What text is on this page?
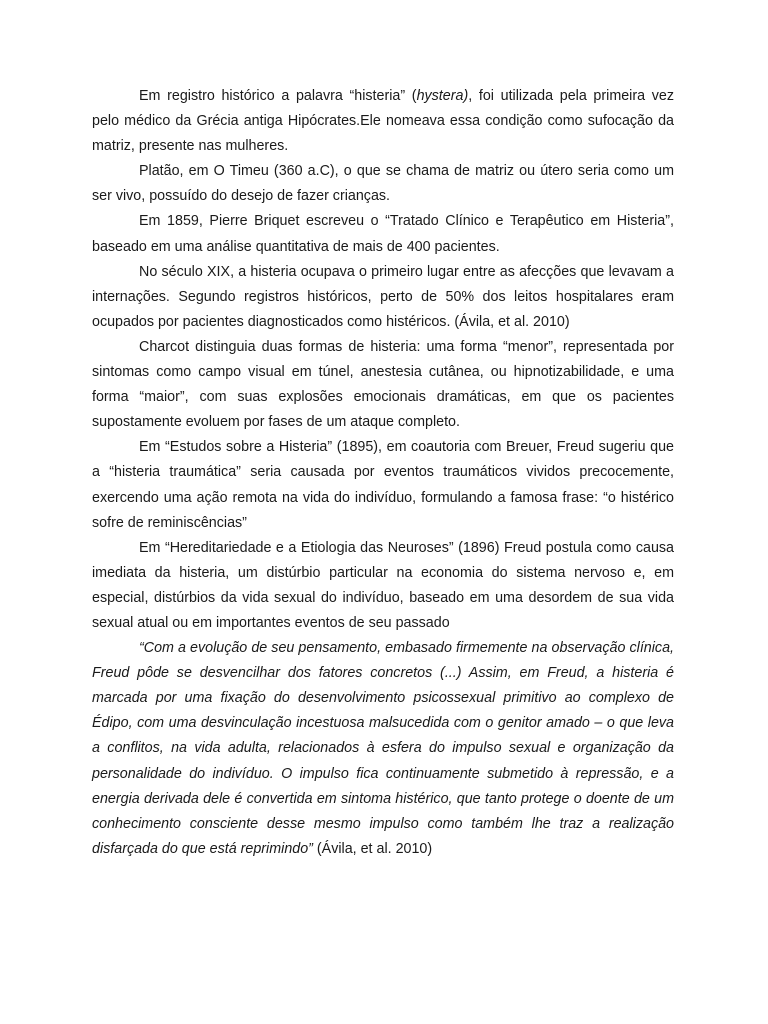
Em registro histórico a palavra “histeria” (hystera), foi utilizada pela primeira vez pelo médico da Grécia antiga Hipócrates.Ele nomeava essa condição como sufocação da matriz, presente nas mulheres.

Platão, em O Timeu (360 a.C), o que se chama de matriz ou útero seria como um ser vivo, possuído do desejo de fazer crianças.

Em 1859, Pierre Briquet escreveu o “Tratado Clínico e Terapêutico em Histeria”, baseado em uma análise quantitativa de mais de 400 pacientes.

No século XIX, a histeria ocupava o primeiro lugar entre as afecções que levavam a internações. Segundo registros históricos, perto de 50% dos leitos hospitalares eram ocupados por pacientes diagnosticados como histéricos. (Ávila, et al. 2010)

Charcot distinguia duas formas de histeria: uma forma “menor”, representada por sintomas como campo visual em túnel, anestesia cutânea, ou hipnotizabilidade, e uma forma “maior”, com suas explosões emocionais dramáticas, em que os pacientes supostamente evoluem por fases de um ataque completo.

Em “Estudos sobre a Histeria” (1895), em coautoria com Breuer, Freud sugeriu que a “histeria traumática” seria causada por eventos traumáticos vividos precocemente, exercendo uma ação remota na vida do indivíduo, formulando a famosa frase: “o histérico sofre de reminiscências”

Em “Hereditariedade e a Etiologia das Neuroses” (1896) Freud postula como causa imediata da histeria, um distúrbio particular na economia do sistema nervoso e, em especial, distúrbios da vida sexual do indivíduo, baseado em uma desordem de sua vida sexual atual ou em importantes eventos de seu passado

“Com a evolução de seu pensamento, embasado firmemente na observação clínica, Freud pôde se desvencilhar dos fatores concretos (...) Assim, em Freud, a histeria é marcada por uma fixação do desenvolvimento psicossexual primitivo ao complexo de Édipo, com uma desvinculação incestuosa malsucedida com o genitor amado – o que leva a conflitos, na vida adulta, relacionados à esfera do impulso sexual e organização da personalidade do indivíduo. O impulso fica continuamente submetido à repressão, e a energia derivada dele é convertida em sintoma histérico, que tanto protege o doente de um conhecimento consciente desse mesmo impulso como também lhe traz a realização disfarçada do que está reprimindo” (Ávila, et al. 2010)
